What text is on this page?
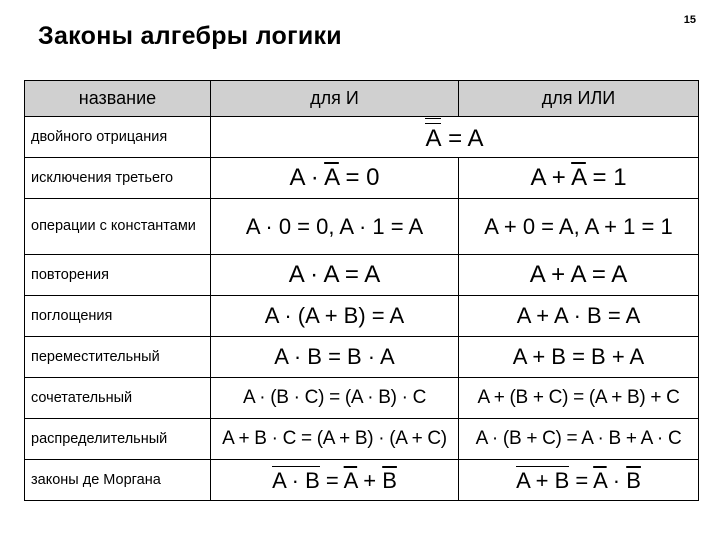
15
Законы алгебры логики
название	для И	для ИЛИ
двойного отрицания	A = A	
исключения третьего	$A \cdot \overline{A} = 0$	$A + \overline{A} = 1$
операции с константами	A · 0 = 0, A · 1 = A	A + 0 = A, A + 1 = 1
повторения	A · A = A	A + A = A
поглощения	A · (A + B) = A	A + A · B = A
переместительный	A · B = B · A	A + B = B + A
сочетательный	A · (B · C) = (A · B) · C	A + (B + C) = (A + B) + C
распределительный	A + B · C = (A + B) · (A + C)	A · (B + C) = A · B + A · C
законы де Моргана	$A \cdot B = \overline{A} + \overline{B}$	$A + B = \overline{A} \cdot \overline{B}$
